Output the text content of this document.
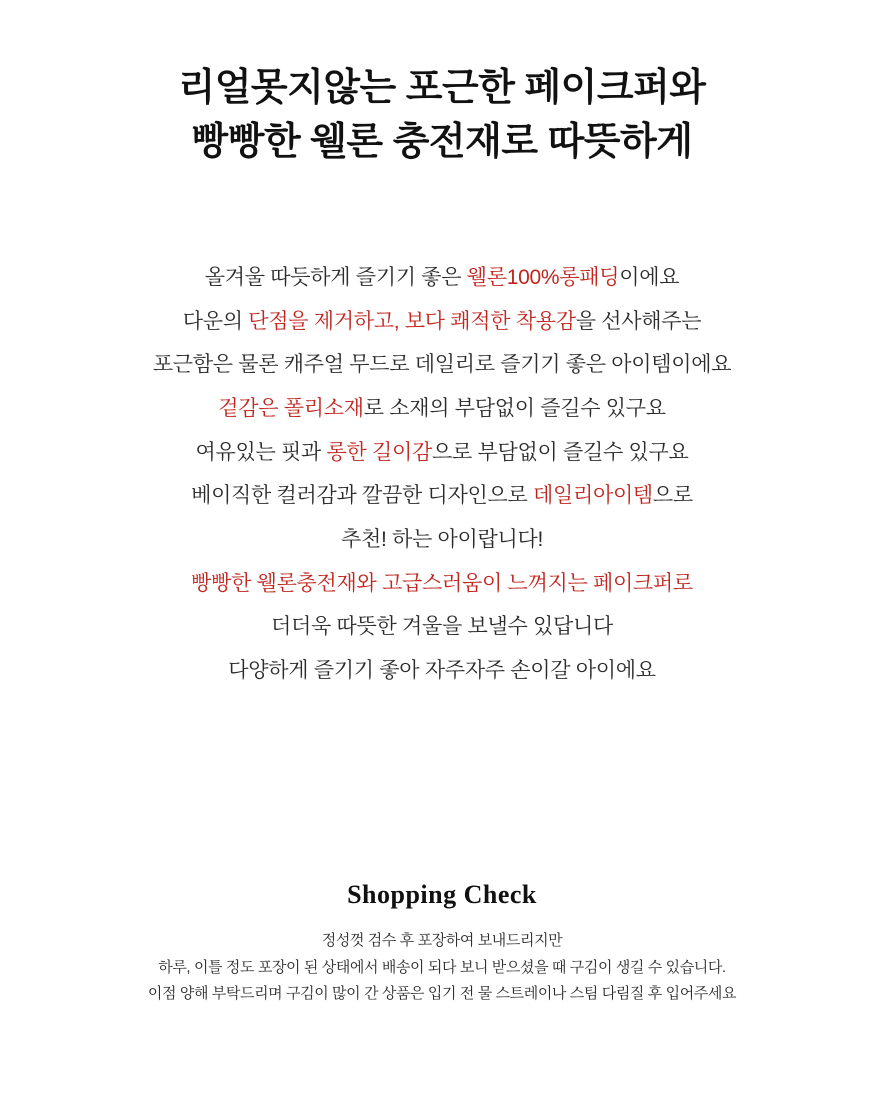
리얼못지않는 포근한 페이크퍼와
빵빵한 웰론 충전재로 따뜻하게
올겨울 따듯하게 즐기기 좋은 웰론100%롱패딩이에요
다운의 단점을 제거하고, 보다 쾌적한 착용감을 선사해주는
포근함은 물론 캐주얼 무드로 데일리로 즐기기 좋은 아이템이에요
겉감은 폴리소재로 소재의 부담없이 즐길수 있구요
여유있는 핏과 롱한 길이감으로 부담없이 즐길수 있구요
베이직한 컬러감과 깔끔한 디자인으로 데일리아이템으로
추천! 하는 아이랍니다!
빵빵한 웰론충전재와 고급스러움이 느껴지는 페이크퍼로
더더욱 따뜻한 겨울을 보낼수 있답니다
다양하게 즐기기 좋아 자주자주 손이갈 아이에요
Shopping Check
정성껏 검수 후 포장하여 보내드리지만
하루, 이틀 정도 포장이 된 상태에서 배송이 되다 보니 받으셨을 때 구김이 생길 수 있습니다.
이점 양해 부탁드리며 구김이 많이 간 상품은 입기 전 물 스트레이나 스팀 다림질 후 입어주세요
